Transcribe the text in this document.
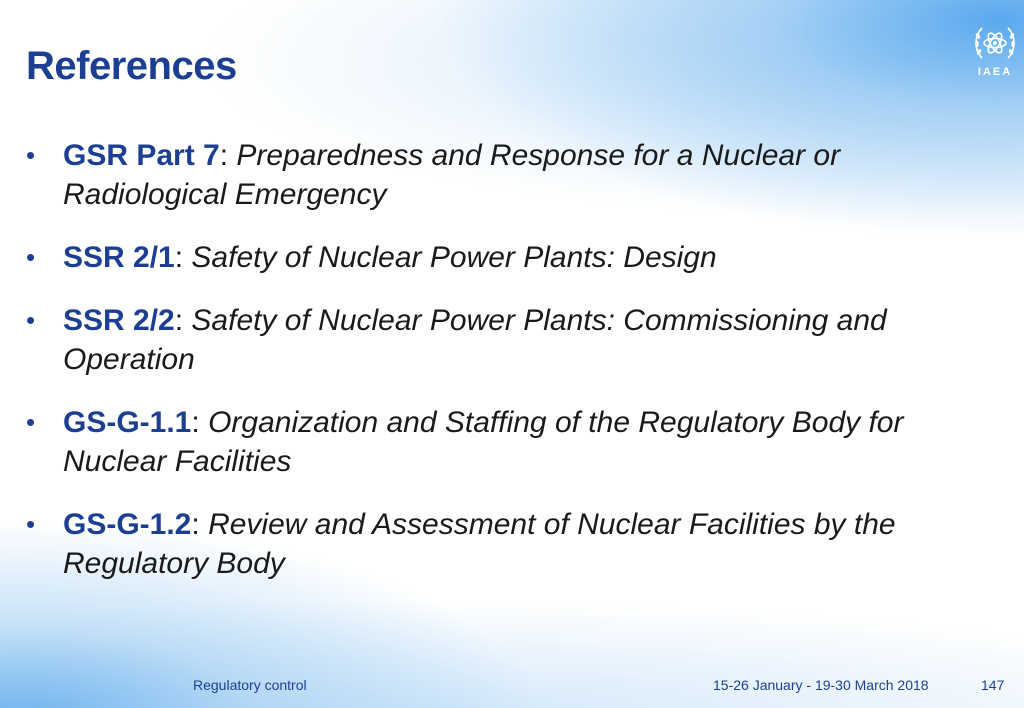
References	IAEA
• GSR Part 7: Preparedness and Response for a Nuclear or Radiological Emergency
• SSR 2/1: Safety of Nuclear Power Plants: Design
• SSR 2/2: Safety of Nuclear Power Plants: Commissioning and Operation
• GS-G-1.1: Organization and Staffing of the Regulatory Body for Nuclear Facilities
• GS-G-1.2: Review and Assessment of Nuclear Facilities by the Regulatory Body
Regulatory control	15-26 January - 19-30 March 2018	147
